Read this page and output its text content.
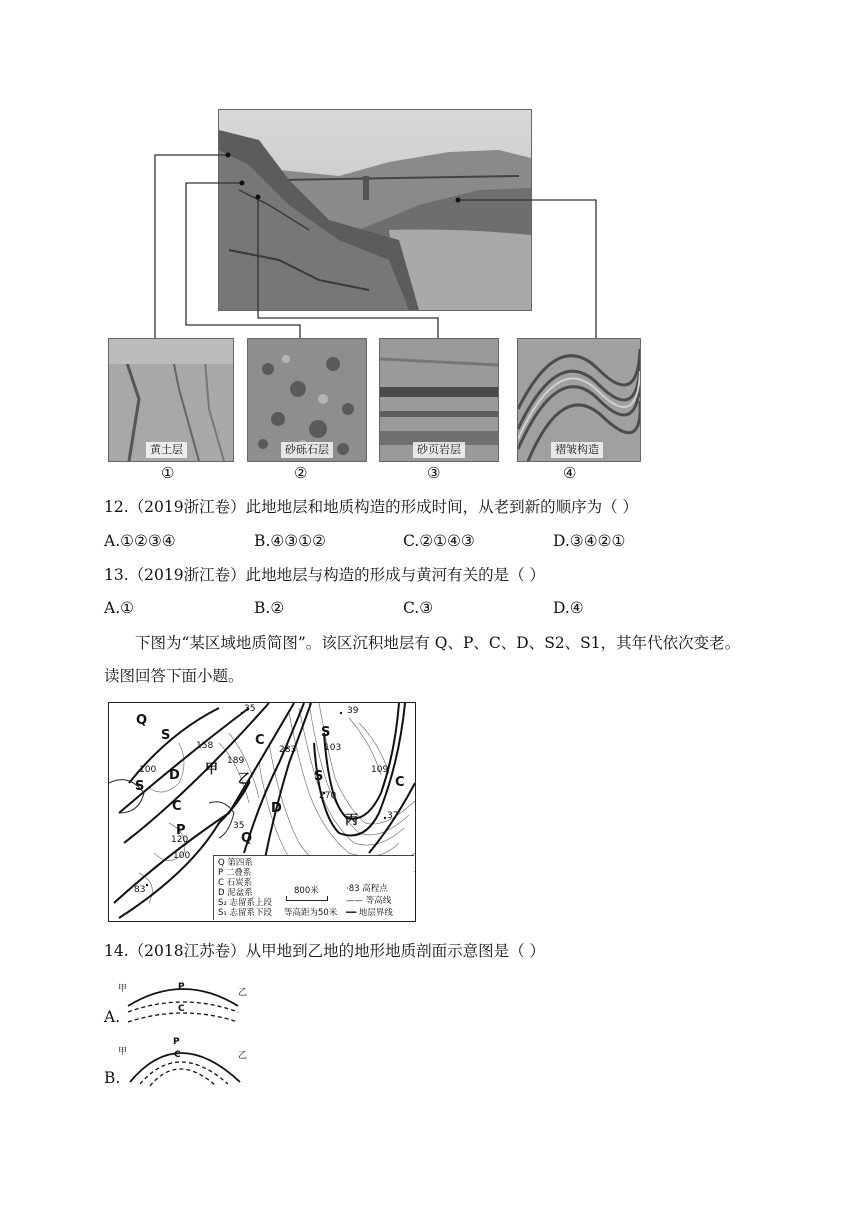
黄土层	砂砾石层	砂页岩层	褶皱构造
①	②	③	④
12.（2019浙江卷）此地地层和地质构造的形成时间，从老到新的顺序为（ ）
A.①②③④	B.④③①②	C.②①④③	D.③④②①
13.（2019浙江卷）此地地层与构造的形成与黄河有关的是（ ）
A.①	B.②	C.③	D.④
下图为“某区域地质简图”。该区沉积地层有 Q、P、C、D、S2、S1，其年代依次变老。读图回答下面小题。
35	39
158
189
283
270
109
120
100
35
37
83
100
103
Q
S
D
S
C
P
甲
乙
C
S
S
D
Q
C
丙
Q 第四系
P 二叠系
C 石炭系
D 泥盆系
S₂ 志留系上段
S₁ 志留系下段
800米
等高距为50米
·83 高程点
—— 等高线
━━ 地层界线
14.（2018江苏卷）从甲地到乙地的地形地质剖面示意图是（ ）
A.
甲	乙
P
C
B.
甲	乙
P
C
